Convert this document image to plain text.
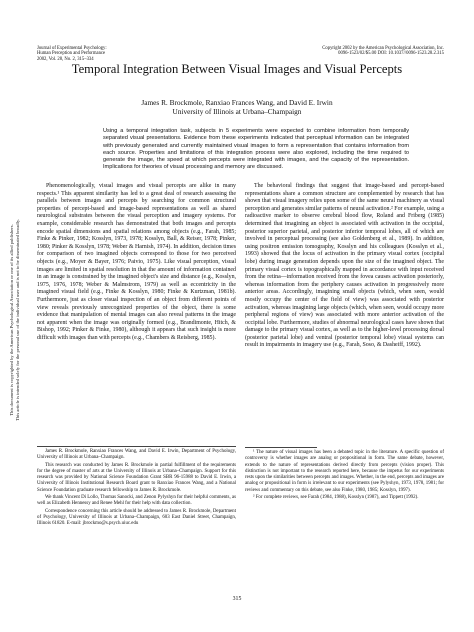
This document is copyrighted by the American Psychological Association or one of its allied publishers. This article is intended solely for the personal use of the individual user and is not to be disseminated broadly.
Journal of Experimental Psychology:
Human Perception and Performance
2002, Vol. 28, No. 2, 315–334
Copyright 2002 by the American Psychological Association, Inc.
0096-1523/02/$5.00 DOI: 10.1037//0096-1523.28.2.315
Temporal Integration Between Visual Images and Visual Percepts
James R. Brockmole, Ranxiao Frances Wang, and David E. Irwin
University of Illinois at Urbana–Champaign
Using a temporal integration task, subjects in 5 experiments were expected to combine information from temporally separated visual presentations. Evidence from these experiments indicated that perceptual information can be integrated with previously generated and currently maintained visual images to form a representation that contains information from each source. Properties and limitations of this integration process were also explored, including the time required to generate the image, the speed at which percepts were integrated with images, and the capacity of the representation. Implications for theories of visual processing and memory are discussed.

Phenomenologically, visual images and visual percepts are alike in many respects.¹ This apparent similarity has led to a great deal of research assessing the parallels between images and percepts by searching for common structural properties of percept-based and image-based representations as well as shared neurological substrates between the visual perception and imagery systems. For example, considerable research has demonstrated that both images and percepts encode spatial dimensions and spatial relations among objects (e.g., Farah, 1985; Finke & Pinker, 1982; Kosslyn, 1973, 1978; Kosslyn, Ball, & Reiser, 1978; Pinker, 1980; Pinker & Kosslyn, 1978; Weber & Harnish, 1974). In addition, decision times for comparison of two imagined objects correspond to those for two perceived objects (e.g., Moyer & Bayer, 1976; Paivio, 1975). Like visual perception, visual images are limited in spatial resolution in that the amount of information contained in an image is constrained by the imagined object's size and distance (e.g., Kosslyn, 1975, 1976, 1978; Weber & Malmstrom, 1979) as well as eccentricity in the imagined visual field (e.g., Finke & Kosslyn, 1980; Finke & Kurtzman, 1981b). Furthermore, just as closer visual inspection of an object from different points of view reveals previously unrecognized properties of the object, there is some evidence that manipulation of mental images can also reveal patterns in the image not apparent when the image was originally formed (e.g., Brandimonte, Hitch, & Bishop, 1992; Pinker & Finke, 1980), although it appears that such insight is more difficult with images than with percepts (e.g., Chambers & Reisberg, 1985).

The behavioral findings that suggest that image-based and percept-based representations share a common structure are complemented by research that has shown that visual imagery relies upon some of the same neural machinery as visual perception and generates similar patterns of neural activation.² For example, using a radioactive marker to observe cerebral blood flow, Roland and Friberg (1985) determined that imagining an object is associated with activation in the occipital, posterior superior parietal, and posterior inferior temporal lobes, all of which are involved in perceptual processing (see also Goldenberg et al., 1989). In addition, using positron emission tomography, Kosslyn and his colleagues (Kosslyn et al., 1993) showed that the locus of activation in the primary visual cortex (occipital lobe) during image generation depends upon the size of the imagined object. The primary visual cortex is topographically mapped in accordance with input received from the retina—information received from the fovea causes activation posteriorly, whereas information from the periphery causes activation in progressively more anterior areas. Accordingly, imagining small objects (which, when seen, would mostly occupy the center of the field of view) was associated with posterior activation, whereas imagining large objects (which, when seen, would occupy more peripheral regions of view) was associated with more anterior activation of the occipital lobe. Furthermore, studies of abnormal neurological cases have shown that damage to the primary visual cortex, as well as to the higher-level processing dorsal (posterior parietal lobe) and ventral (posterior temporal lobe) visual systems can result in impairments in imagery use (e.g., Farah, Soso, & Dasheiff, 1992).

James R. Brockmole, Ranxiao Frances Wang, and David E. Irwin, Department of Psychology, University of Illinois at Urbana–Champaign.

This research was conducted by James R. Brockmole in partial fulfillment of the requirements for the degree of master of arts at the University of Illinois at Urbana–Champaign. Support for this research was provided by National Science Foundation Grant SBR 96-15988 to David E. Irwin, a University of Illinois Institutional Research Board grant to Ranxiao Frances Wang, and a National Science Foundation graduate research fellowship to James R. Brockmole.

We thank Vincent Di Lollo, Thomas Sanocki, and Zenon Pylyshyn for their helpful comments, as well as Elizabeth Hennessy and Renee Mehl for their help with data collection.

Correspondence concerning this article should be addressed to James R. Brockmole, Department of Psychology, University of Illinois at Urbana–Champaign, 603 East Daniel Street, Champaign, Illinois 61820. E-mail: jbrockmo@s.psych.uiuc.edu

¹ The nature of visual images has been a debated topic in the literature. A specific question of controversy is whether images are analog or propositional in form. The same debate, however, extends to the nature of representations derived directly from percepts (vision proper). This distinction is not important to the research reported here, because the impetus for our experiments rests upon the similarities between percepts and images. Whether, in the end, percepts and images are analog or propositional in form is irrelevant to our experiments (see Pylyshyn, 1973, 1978, 1981; for reviews and commentary on this debate, see also Finke, 1980, 1985; Kosslyn, 1997).

² For complete reviews, see Farah (1984, 1988), Kosslyn (1987), and Tippett (1992).

315
